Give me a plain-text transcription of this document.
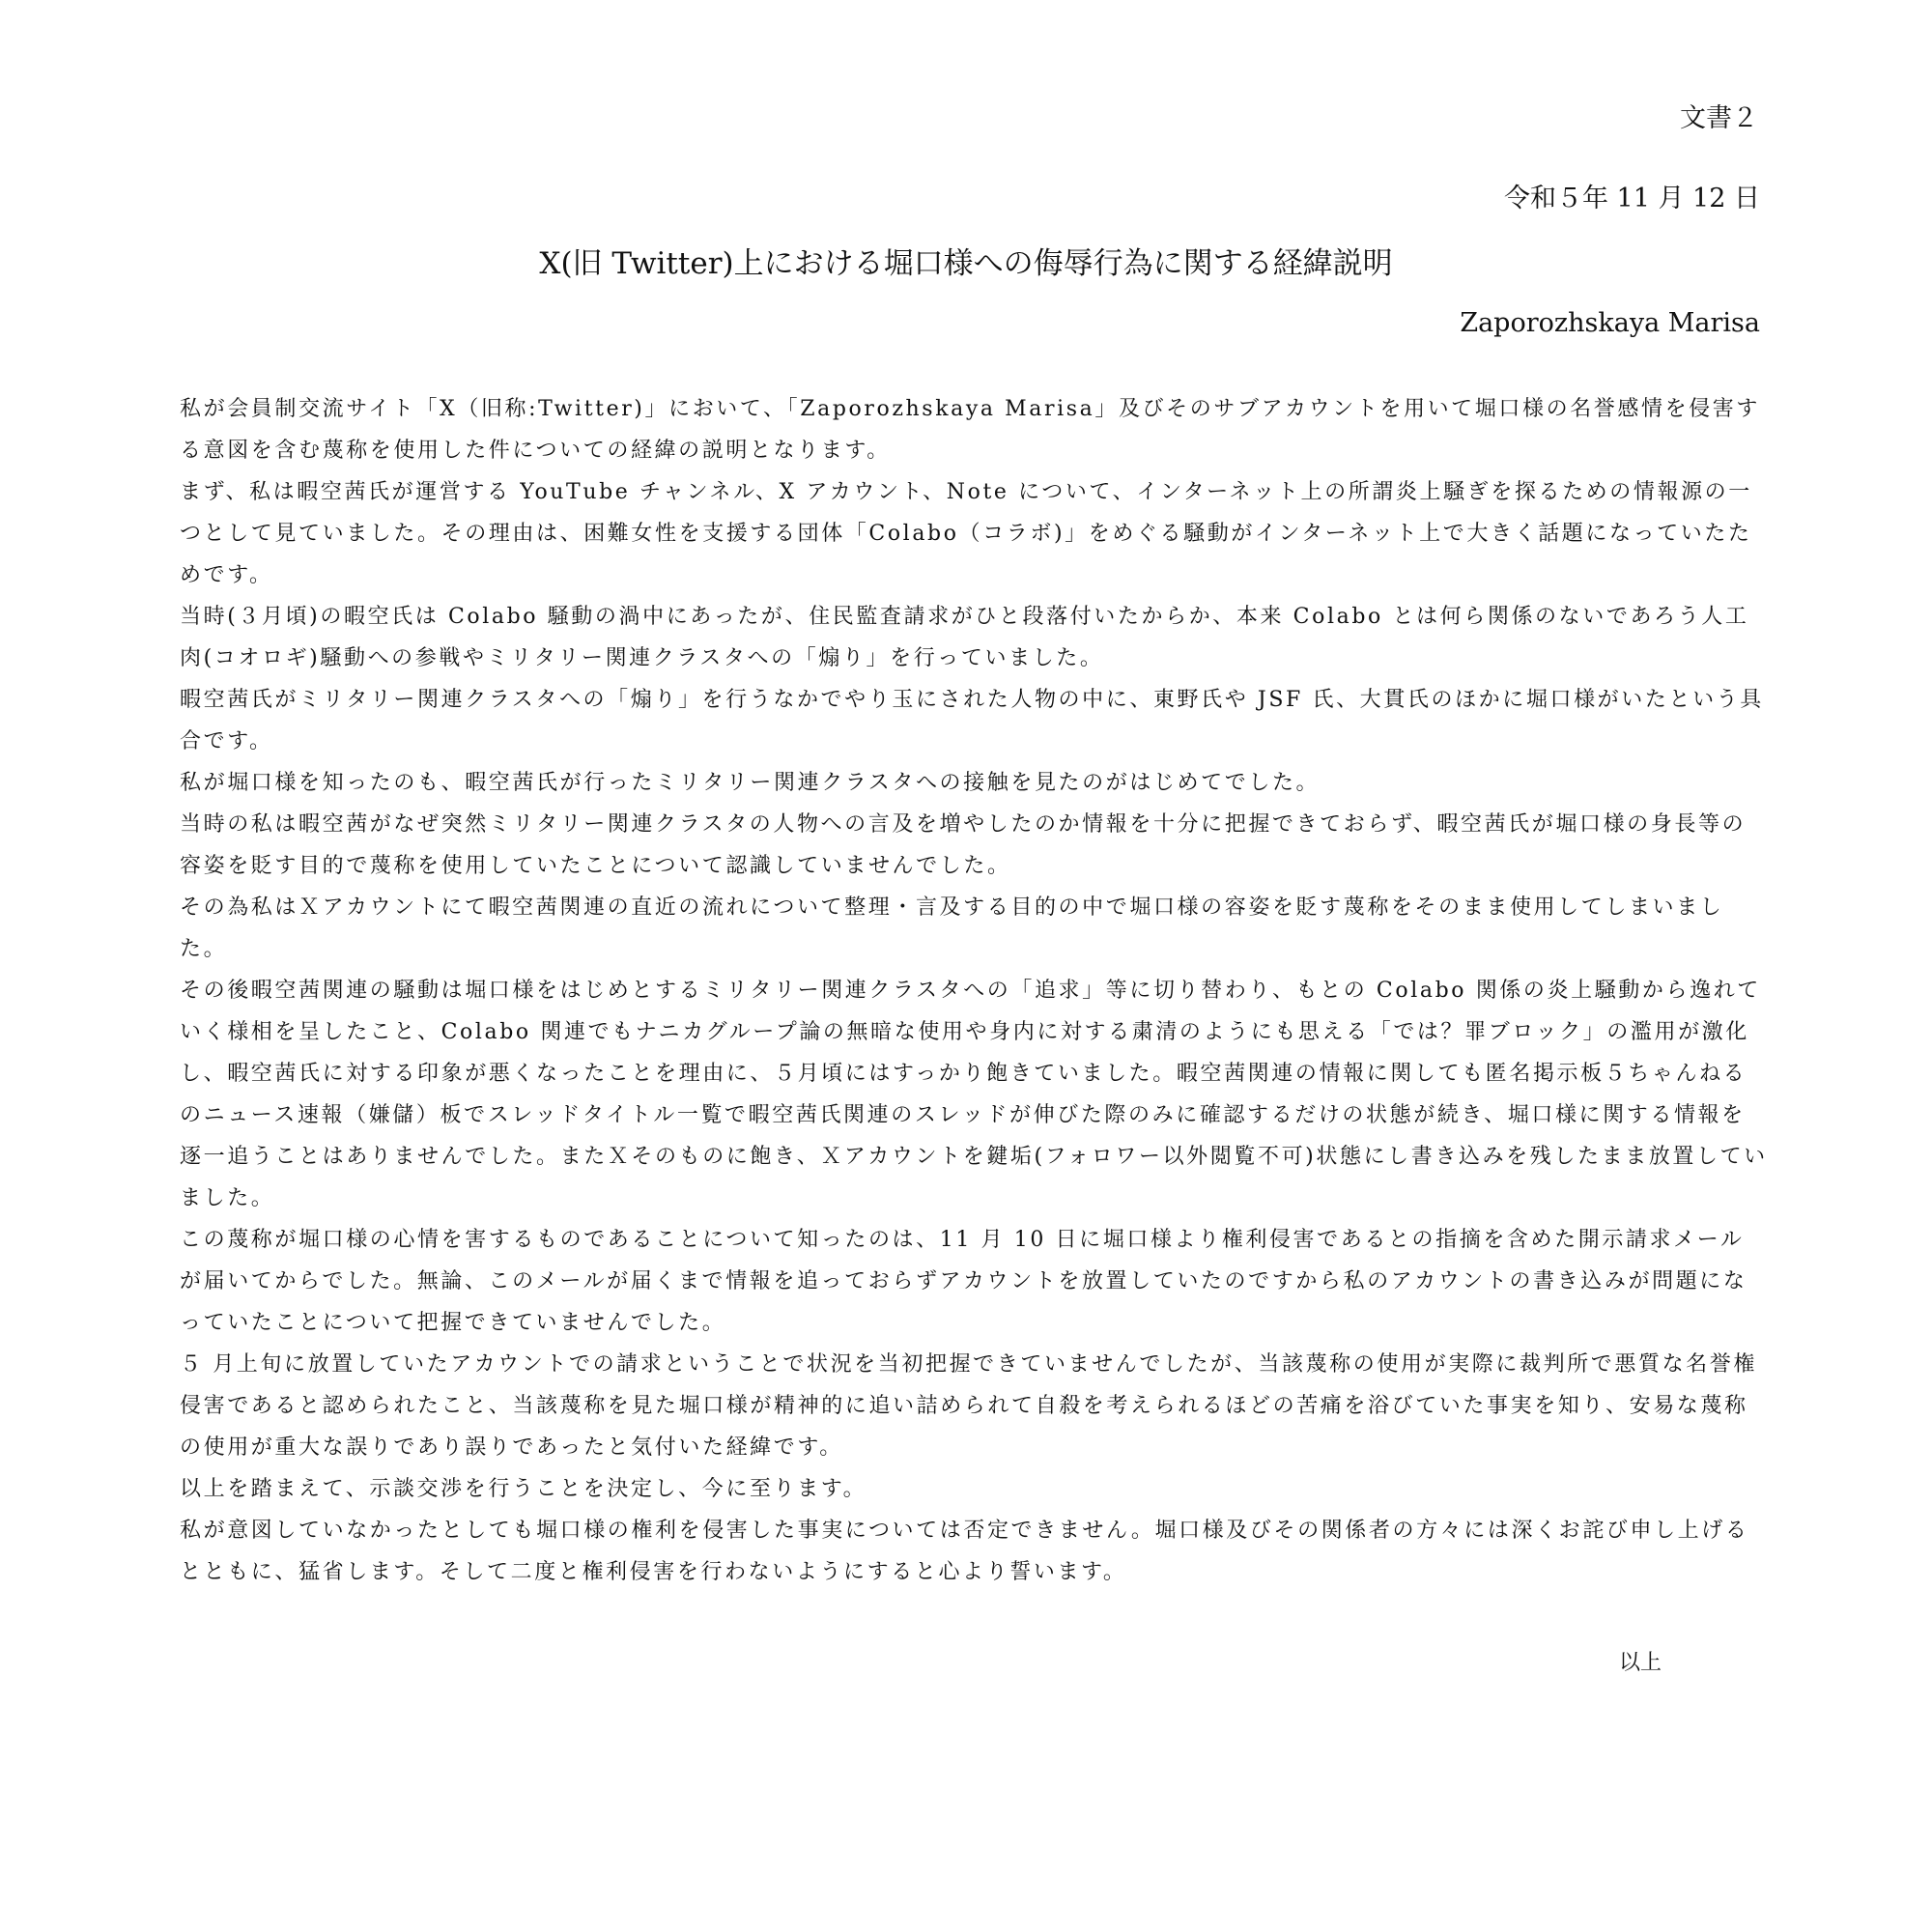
文書２
令和５年 11 月 12 日
X(旧 Twitter)上における堀口様への侮辱行為に関する経緯説明
Zaporozhskaya Marisa

私が会員制交流サイト「X（旧称:Twitter)」において、「Zaporozhskaya Marisa」及びそのサブアカウントを用いて堀口様の名誉感情を侵害する意図を含む蔑称を使用した件についての経緯の説明となります。

まず、私は暇空茜氏が運営する YouTube チャンネル、X アカウント、Note について、インターネット上の所謂炎上騒ぎを探るための情報源の一つとして見ていました。その理由は、困難女性を支援する団体「Colabo（コラボ)」をめぐる騒動がインターネット上で大きく話題になっていたためです。

当時(３月頃)の暇空氏は Colabo 騒動の渦中にあったが、住民監査請求がひと段落付いたからか、本来 Colabo とは何ら関係のないであろう人工肉(コオロギ)騒動への参戦やミリタリー関連クラスタへの「煽り」を行っていました。

暇空茜氏がミリタリー関連クラスタへの「煽り」を行うなかでやり玉にされた人物の中に、東野氏や JSF 氏、大貫氏のほかに堀口様がいたという具合です。

私が堀口様を知ったのも、暇空茜氏が行ったミリタリー関連クラスタへの接触を見たのがはじめてでした。

当時の私は暇空茜がなぜ突然ミリタリー関連クラスタの人物への言及を増やしたのか情報を十分に把握できておらず、暇空茜氏が堀口様の身長等の容姿を貶す目的で蔑称を使用していたことについて認識していませんでした。

その為私はＸアカウントにて暇空茜関連の直近の流れについて整理・言及する目的の中で堀口様の容姿を貶す蔑称をそのまま使用してしまいました。

その後暇空茜関連の騒動は堀口様をはじめとするミリタリー関連クラスタへの「追求」等に切り替わり、もとの Colabo 関係の炎上騒動から逸れていく様相を呈したこと、Colabo 関連でもナニカグループ論の無暗な使用や身内に対する粛清のようにも思える「では？罪ブロック」の濫用が激化し、暇空茜氏に対する印象が悪くなったことを理由に、５月頃にはすっかり飽きていました。暇空茜関連の情報に関しても匿名掲示板５ちゃんねるのニュース速報（嫌儲）板でスレッドタイトル一覧で暇空茜氏関連のスレッドが伸びた際のみに確認するだけの状態が続き、堀口様に関する情報を逐一追うことはありませんでした。またＸそのものに飽き、Ｘアカウントを鍵垢(フォロワー以外閲覧不可)状態にし書き込みを残したまま放置していました。

この蔑称が堀口様の心情を害するものであることについて知ったのは、11 月 10 日に堀口様より権利侵害であるとの指摘を含めた開示請求メールが届いてからでした。無論、このメールが届くまで情報を追っておらずアカウントを放置していたのですから私のアカウントの書き込みが問題になっていたことについて把握できていませんでした。

５ 月上旬に放置していたアカウントでの請求ということで状況を当初把握できていませんでしたが、当該蔑称の使用が実際に裁判所で悪質な名誉権侵害であると認められたこと、当該蔑称を見た堀口様が精神的に追い詰められて自殺を考えられるほどの苦痛を浴びていた事実を知り、安易な蔑称の使用が重大な誤りであり誤りであったと気付いた経緯です。

以上を踏まえて、示談交渉を行うことを決定し、今に至ります。

私が意図していなかったとしても堀口様の権利を侵害した事実については否定できません。堀口様及びその関係者の方々には深くお詫び申し上げるとともに、猛省します。そして二度と権利侵害を行わないようにすると心より誓います。

以上
